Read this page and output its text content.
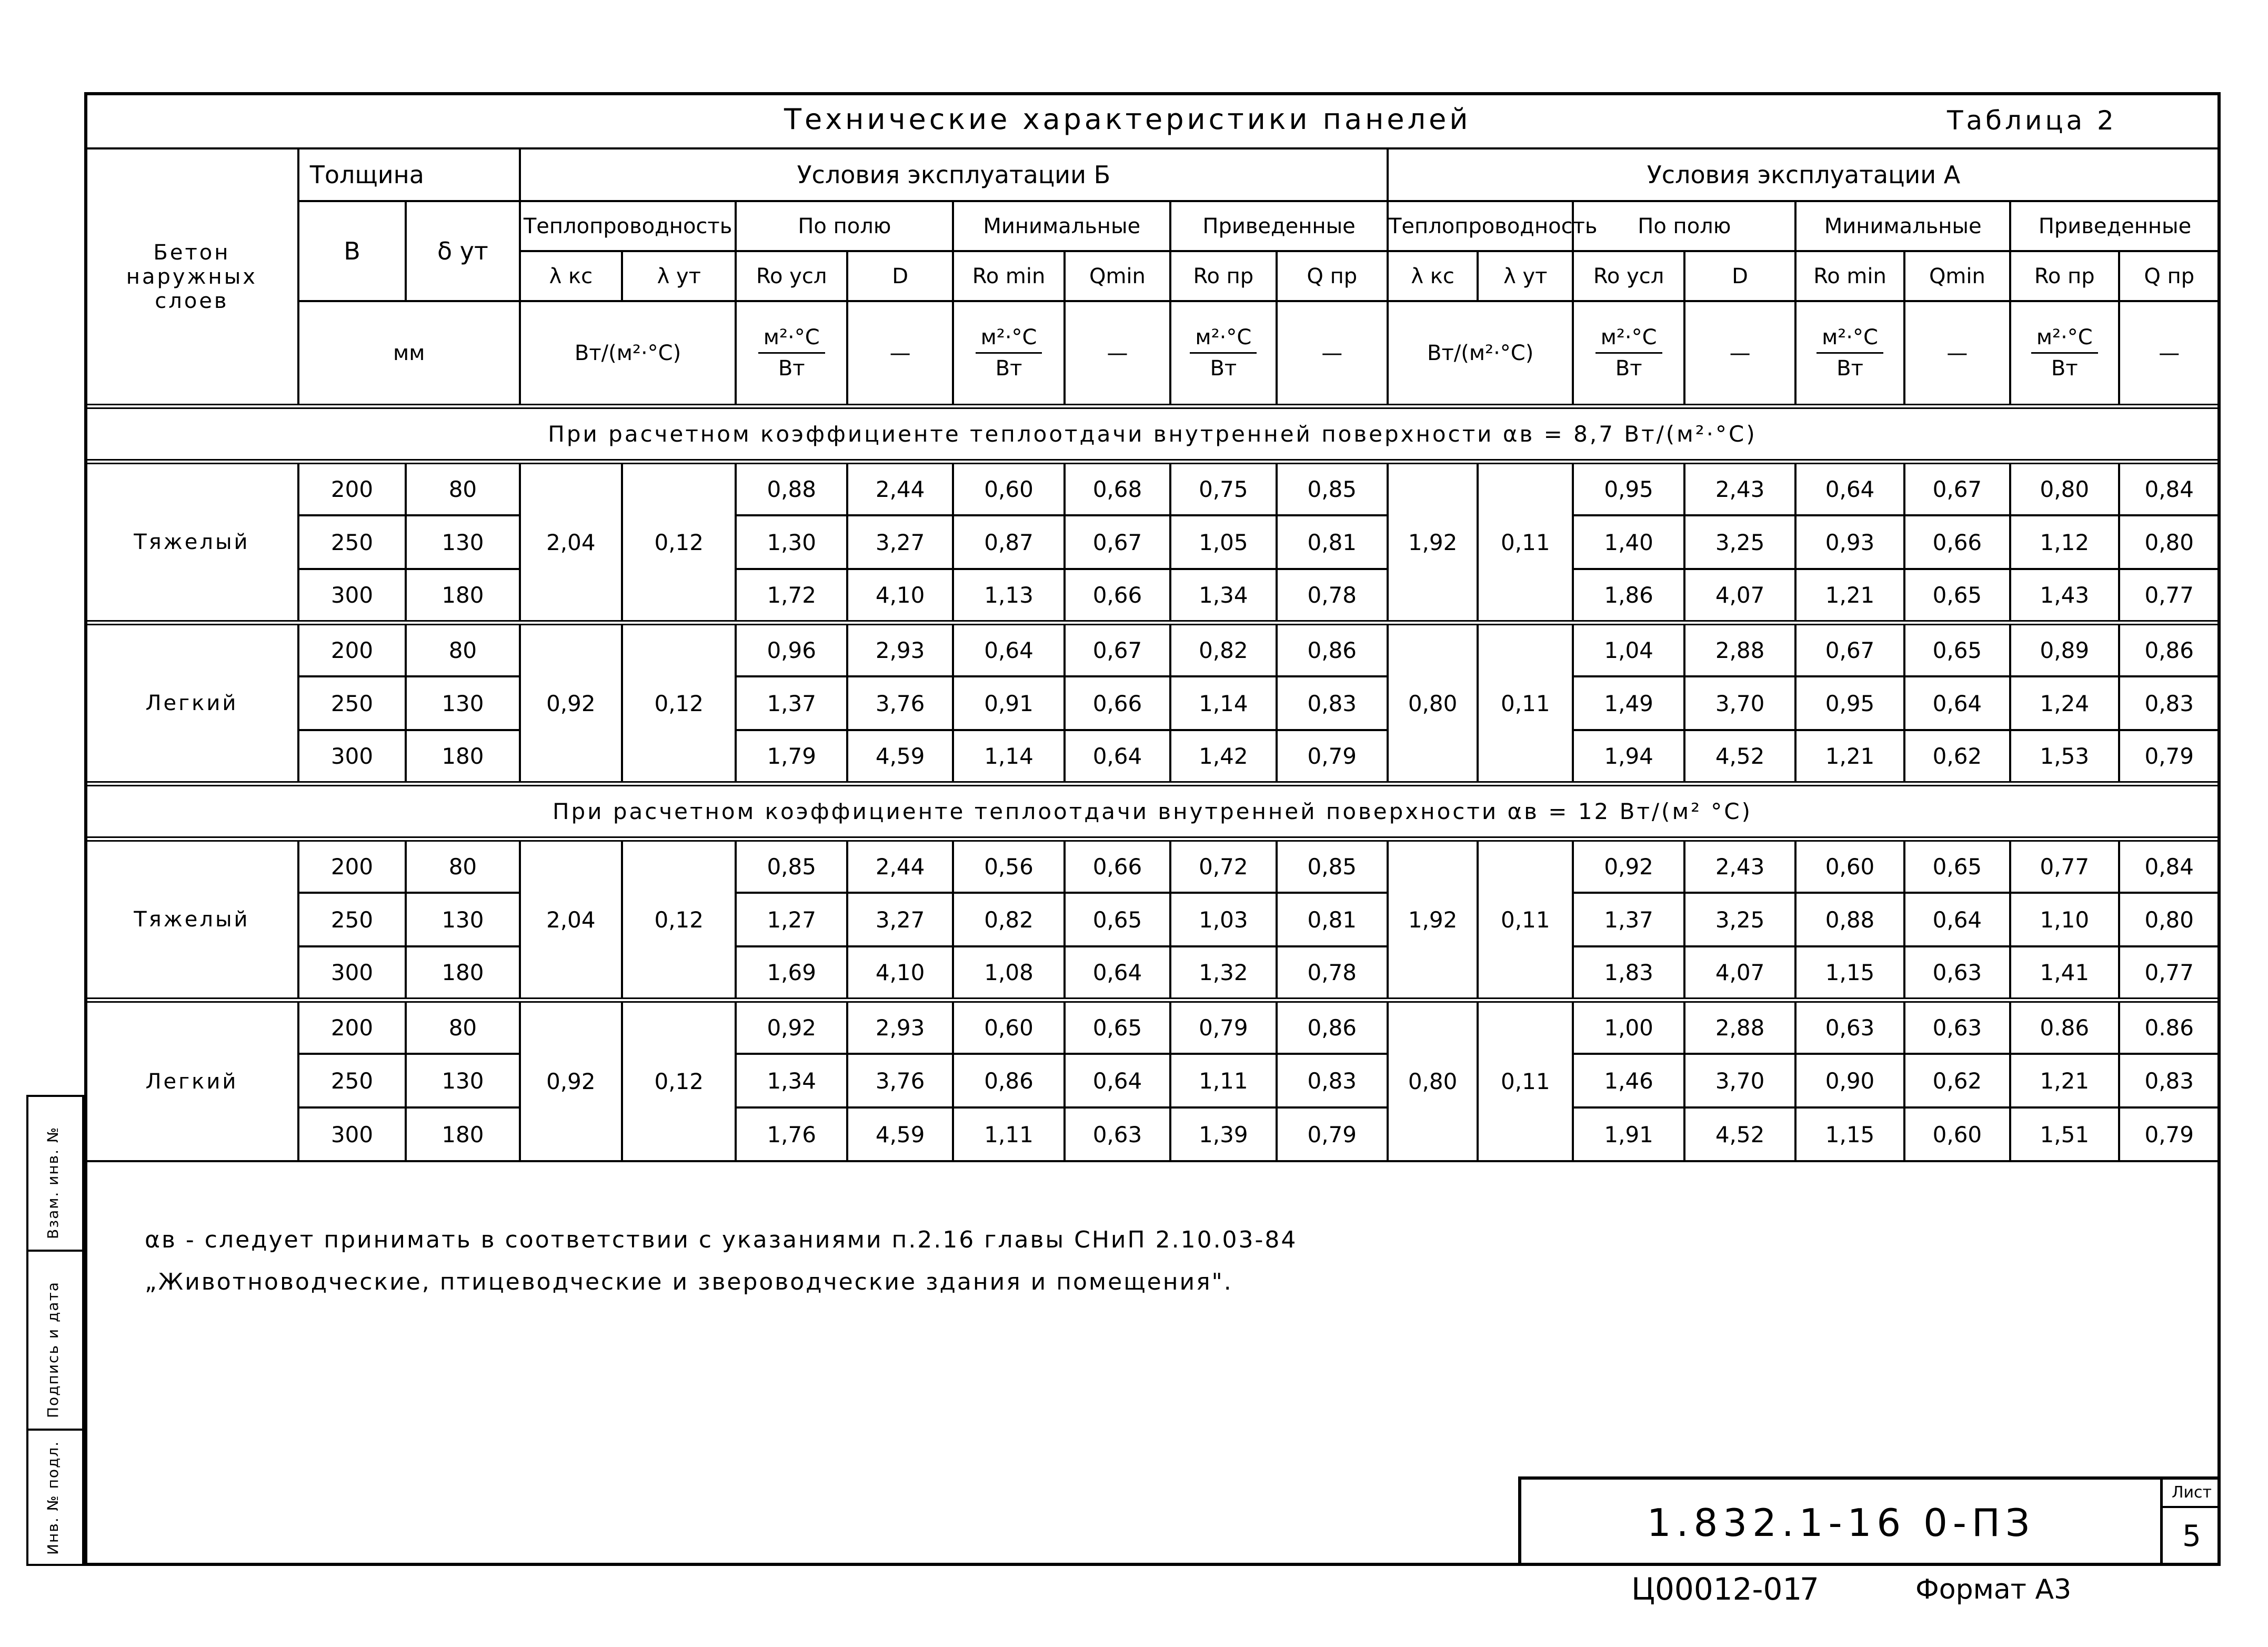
Технические характеристики панелей	Таблица 2
Бетон наружных слоев	Толщина		Условия эксплуатации Б								Условия эксплуатации А							
	B	δ ут	Теплопроводность		По полю		Минимальные		Приведенные		Теплопроводность		По полю		Минимальные		Приведенные	
			λ кс	λ ут	Ro усл	D	Ro min	Qmin	Ro пр	Q пр	λ кс	λ ут	Ro усл	D	Ro min	Qmin	Ro пр	Q пр
	мм		Вт/(м²·°С)		$\frac{\text{м²·°С}}{Вт}$	—	$\frac{\text{м²·°С}}{Вт}$	—	$\frac{\text{м²·°С}}{Вт}$	—	Вт/(м²·°С)		$\frac{\text{м²·°С}}{Вт}$	—	$\frac{\text{м²·°С}}{Вт}$	—	$\frac{\text{м²·°С}}{Вт}$	—
При расчетном коэффициенте теплоотдачи внутренней поверхности αв = 8,7 Вт/(м²·°С)																		
Тяжелый	200	80	2,04	0,12	0,88	2,44	0,60	0,68	0,75	0,85	1,92	0,11	0,95	2,43	0,64	0,67	0,80	0,84
	250	130			1,30	3,27	0,87	0,67	1,05	0,81			1,40	3,25	0,93	0,66	1,12	0,80
	300	180			1,72	4,10	1,13	0,66	1,34	0,78			1,86	4,07	1,21	0,65	1,43	0,77
Легкий	200	80	0,92	0,12	0,96	2,93	0,64	0,67	0,82	0,86	0,80	0,11	1,04	2,88	0,67	0,65	0,89	0,86
	250	130			1,37	3,76	0,91	0,66	1,14	0,83			1,49	3,70	0,95	0,64	1,24	0,83
	300	180			1,79	4,59	1,14	0,64	1,42	0,79			1,94	4,52	1,21	0,62	1,53	0,79
При расчетном коэффициенте теплоотдачи внутренней поверхности αв = 12 Вт/(м² °С)																		
Тяжелый	200	80	2,04	0,12	0,85	2,44	0,56	0,66	0,72	0,85	1,92	0,11	0,92	2,43	0,60	0,65	0,77	0,84
	250	130			1,27	3,27	0,82	0,65	1,03	0,81			1,37	3,25	0,88	0,64	1,10	0,80
	300	180			1,69	4,10	1,08	0,64	1,32	0,78			1,83	4,07	1,15	0,63	1,41	0,77
Легкий	200	80	0,92	0,12	0,92	2,93	0,60	0,65	0,79	0,86	0,80	0,11	1,00	2,88	0,63	0,63	0.86	0.86
	250	130			1,34	3,76	0,86	0,64	1,11	0,83			1,46	3,70	0,90	0,62	1,21	0,83
	300	180			1,76	4,59	1,11	0,63	1,39	0,79			1,91	4,52	1,15	0,60	1,51	0,79
αв - следует принимать в соответствии с указаниями п.2.16 главы СНиП 2.10.03-84
„Животноводческие, птицеводческие и звероводческие здания и помещения".
1.832.1-16 0-ПЗ
Лист
5
Взам. инв. №
Подпись и дата
Инв. № подл.
Ц00012-01
7	Формат А3
